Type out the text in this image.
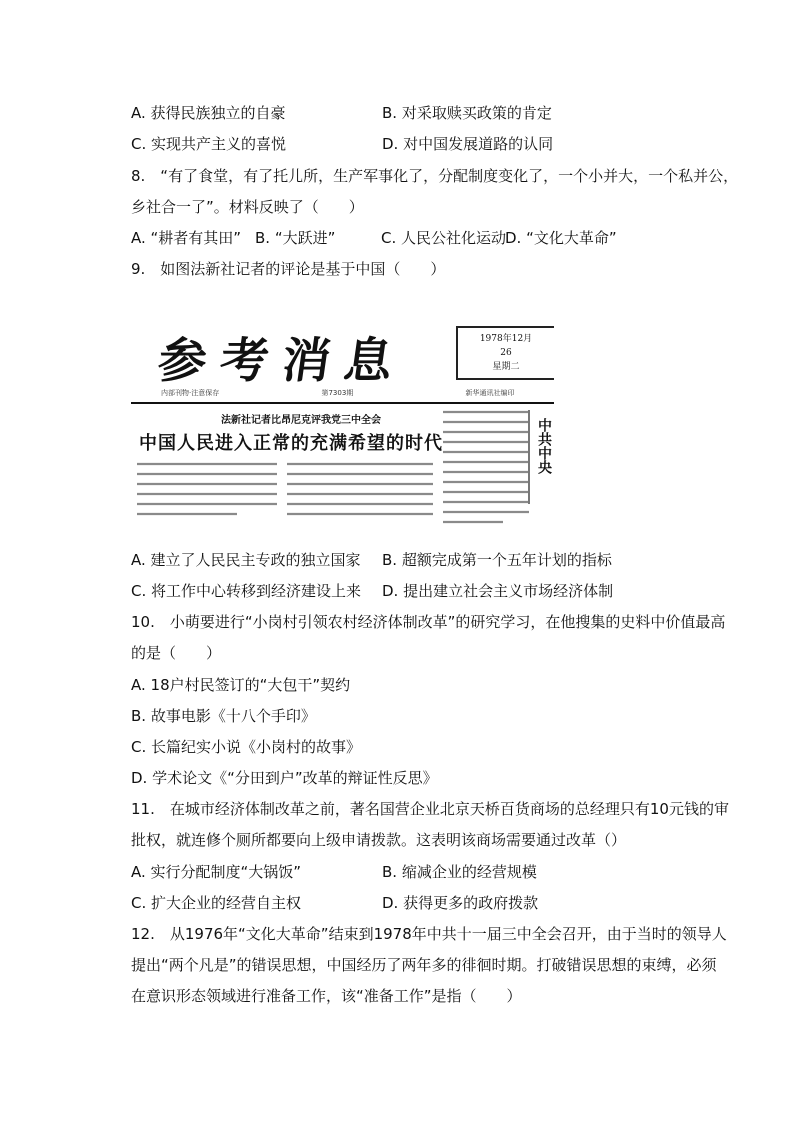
A. 获得民族独立的自豪	B. 对采取赎买政策的肯定
C. 实现共产主义的喜悦	D. 对中国发展道路的认同
8.　“有了食堂，有了托儿所，生产军事化了，分配制度变化了，一个小并大，一个私并公，
乡社合一了”。材料反映了（　　）
A. “耕者有其田” B. “大跃进”	C. 人民公社化运动D. “文化大革命”
9.　如图法新社记者的评论是基于中国（　　）
参考消息	1978年12月
26
星期二
内部刊物·注意保存	第7303期	新华通讯社编印
法新社记者比昂尼克评我党三中全会
中国人民进入正常的充满希望的时代	中共中央
A. 建立了人民民主专政的独立国家 B. 超额完成第一个五年计划的指标
C. 将工作中心转移到经济建设上来 D. 提出建立社会主义市场经济体制
10.　小萌要进行“小岗村引领农村经济体制改革”的研究学习，在他搜集的史料中价值最高
的是（　　）
A. 18户村民签订的“大包干”契约
B. 故事电影《十八个手印》
C. 长篇纪实小说《小岗村的故事》
D. 学术论文《“分田到户”改革的辩证性反思》
11.　在城市经济体制改革之前，著名国营企业北京天桥百货商场的总经理只有10元钱的审
批权，就连修个厕所都要向上级申请拨款。这表明该商场需要通过改革（）
A. 实行分配制度“大锅饭”	B. 缩减企业的经营规模
C. 扩大企业的经营自主权	D. 获得更多的政府拨款
12.　从1976年“文化大革命”结束到1978年中共十一届三中全会召开，由于当时的领导人
提出“两个凡是”的错误思想，中国经历了两年多的徘徊时期。打破错误思想的束缚，必须
在意识形态领域进行准备工作，该“准备工作”是指（　　）
